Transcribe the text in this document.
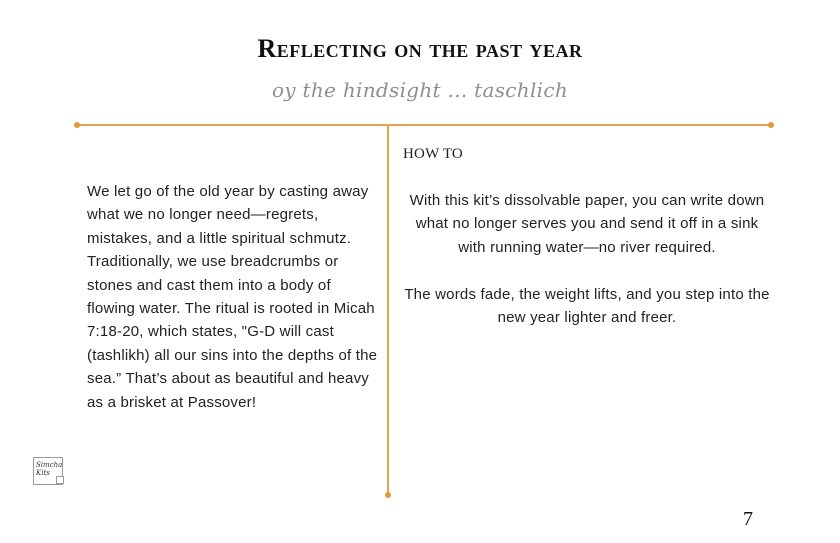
Reflecting on the past year
oy the hindsight ... taschlich
We let go of the old year by casting away what we no longer need—regrets, mistakes, and a little spiritual schmutz. Traditionally, we use breadcrumbs or stones and cast them into a body of flowing water. The ritual is rooted in Micah 7:18-20, which states, "G-D will cast (tashlikh) all our sins into the depths of the sea.” That’s about as beautiful and heavy as a brisket at Passover!
HOW TO

With this kit’s dissolvable paper, you can write down what no longer serves you and send it off in a sink with running water—no river required.

The words fade, the weight lifts, and you step into the new year lighter and freer.

Simcha Kits
7
